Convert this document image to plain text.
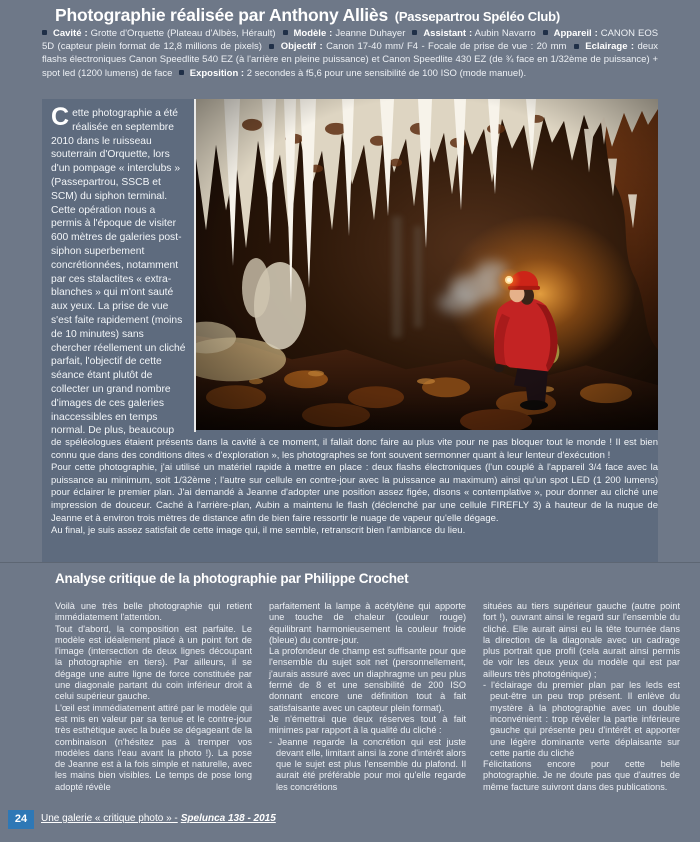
Photographie réalisée par Anthony Alliès (Passepartrou Spéléo Club)

Cavité : Grotte d'Orquette (Plateau d'Albès, Hérault) Modèle : Jeanne Duhayer Assistant : Aubin Navarro Appareil : CANON EOS 5D (capteur plein format de 12,8 millions de pixels) Objectif : Canon 17-40 mm/ F4 - Focale de prise de vue : 20 mm Eclairage : deux flashs électroniques Canon Speedlite 540 EZ (à l'arrière en pleine puissance) et Canon Speedlite 430 EZ (de ¾ face en 1/32ème de puissance) + spot led (1200 lumens) de face Exposition : 2 secondes à f5,6 pour une sensibilité de 100 ISO (mode manuel).

Cette photographie a été réalisée en septembre 2010 dans le ruisseau souterrain d'Orquette, lors d'un pompage « interclubs » (Passepartrou, SSCB et SCM) du siphon terminal. Cette opération nous a permis à l'époque de visiter 600 mètres de galeries post-siphon superbement concrétionnées, notamment par ces stalactites « extra-blanches » qui m'ont sauté aux yeux. La prise de vue s'est faite rapidement (moins de 10 minutes) sans chercher réellement un cliché parfait, l'objectif de cette séance étant plutôt de collecter un grand nombre d'images de ces galeries inaccessibles en temps normal. De plus, beaucoup

de spéléologues étaient présents dans la cavité à ce moment, il fallait donc faire au plus vite pour ne pas bloquer tout le monde ! Il est bien connu que dans des conditions dites « d'exploration », les photographes se font souvent sermonner quant à leur lenteur d'exécution !

Pour cette photographie, j'ai utilisé un matériel rapide à mettre en place : deux flashs électroniques (l'un couplé à l'appareil 3/4 face avec la puissance au minimum, soit 1/32ème ; l'autre sur cellule en contre-jour avec la puissance au maximum) ainsi qu'un spot LED (1 200 lumens) pour éclairer le premier plan. J'ai demandé à Jeanne d'adopter une position assez figée, disons « contemplative », pour donner au cliché une impression de douceur. Caché à l'arrière-plan, Aubin a maintenu le flash (déclenché par une cellule FIREFLY 3) à hauteur de la nuque de Jeanne et à environ trois mètres de distance afin de bien faire ressortir le nuage de vapeur qu'elle dégage.

Au final, je suis assez satisfait de cette image qui, il me semble, retranscrit bien l'ambiance du lieu.

Analyse critique de la photographie par Philippe Crochet

Voilà une très belle photographie qui retient immédiatement l'attention.

Tout d'abord, la composition est parfaite. Le modèle est idéalement placé à un point fort de l'image (intersection de deux lignes découpant la photographie en tiers). Par ailleurs, il se dégage une autre ligne de force constituée par une diagonale partant du coin inférieur droit à celui supérieur gauche.

L'œil est immédiatement attiré par le modèle qui est mis en valeur par sa tenue et le contre-jour très esthétique avec la buée se dégageant de la combinaison (n'hésitez pas à tremper vos modèles dans l'eau avant la photo !). La pose de Jeanne est à la fois simple et naturelle, avec les mains bien visibles. Le temps de pose long adopté révèle

parfaitement la lampe à acétylène qui apporte une touche de chaleur (couleur rouge) équilibrant harmonieusement la couleur froide (bleue) du contre-jour.

La profondeur de champ est suffisante pour que l'ensemble du sujet soit net (personnellement, j'aurais assuré avec un diaphragme un peu plus fermé de 8 et une sensibilité de 200 ISO donnant encore une définition tout à fait satisfaisante avec un capteur plein format).

Je n'émettrai que deux réserves tout à fait minimes par rapport à la qualité du cliché :

- Jeanne regarde la concrétion qui est juste devant elle, limitant ainsi la zone d'intérêt alors que le sujet est plus l'ensemble du plafond. Il aurait été préférable pour moi qu'elle regarde les concrétions

situées au tiers supérieur gauche (autre point fort !), ouvrant ainsi le regard sur l'ensemble du cliché. Elle aurait ainsi eu la tête tournée dans la direction de la diagonale avec un cadrage plus portrait que profil (cela aurait ainsi permis de voir les deux yeux du modèle qui est par ailleurs très photogénique) ;

- l'éclairage du premier plan par les leds est peut-être un peu trop présent. Il enlève du mystère à la photographie avec un double inconvénient : trop révéler la partie inférieure gauche qui présente peu d'intérêt et apporter une légère dominante verte déplaisante sur cette partie du cliché

Félicitations encore pour cette belle photographie. Je ne doute pas que d'autres de même facture suivront dans des publications.

24	Une galerie « critique photo » - Spelunca 138 - 2015
